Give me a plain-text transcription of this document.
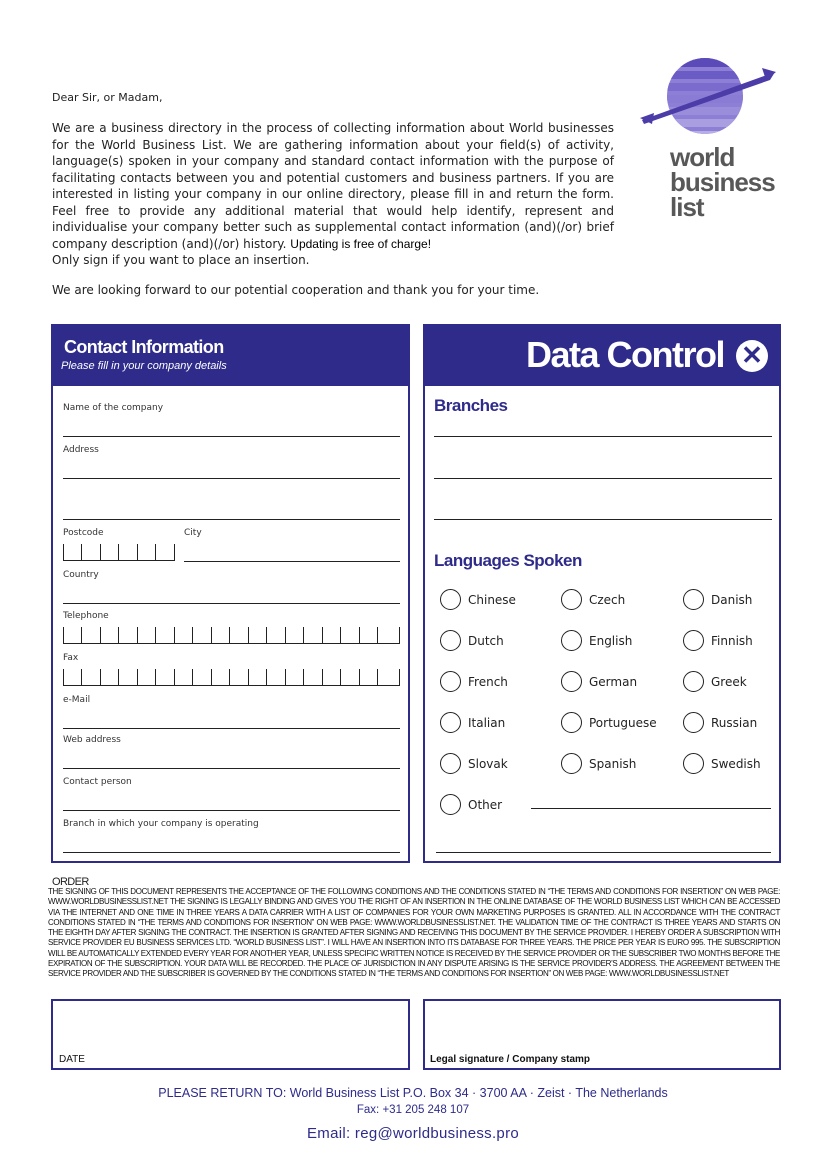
Dear Sir, or Madam,
We are a business directory in the process of collecting information about World businesses for the World Business List. We are gathering information about your field(s) of activity, language(s) spoken in your company and standard contact information with the purpose of facilitating contacts between you and potential customers and business partners. If you are interested in listing your company in our online directory, please fill in and return the form. Feel free to provide any additional material that would help identify, represent and individualise your company better such as supplemental contact information (and)(/or) brief company description (and)(/or) history. Updating is free of charge!
Only sign if you want to place an insertion.
We are looking forward to our potential cooperation and thank you for your time.
world
business
list
Contact Information
Please fill in your company details
Name of the company
Address
Postcode	City
Country
Telephone
Fax
e-Mail
Web address
Contact person
Branch in which your company is operating
Data Control ✕
Branches
Languages Spoken
Chinese	Czech	Danish
Dutch	English	Finnish
French	German	Greek
Italian	Portuguese	Russian
Slovak	Spanish	Swedish
Other
ORDER
THE SIGNING OF THIS DOCUMENT REPRESENTS THE ACCEPTANCE OF THE FOLLOWING CONDITIONS AND THE CONDITIONS STATED IN “THE TERMS AND CONDITIONS FOR INSERTION” ON WEB PAGE: WWW.WORLDBUSINESSLIST.NET THE SIGNING IS LEGALLY BINDING AND GIVES YOU THE RIGHT OF AN INSERTION IN THE ONLINE DATABASE OF THE WORLD BUSINESS LIST WHICH CAN BE ACCESSED VIA THE INTERNET AND ONE TIME IN THREE YEARS A DATA CARRIER WITH A LIST OF COMPANIES FOR YOUR OWN MARKETING PURPOSES IS GRANTED. ALL IN ACCORDANCE WITH THE CONTRACT CONDITIONS STATED IN “THE TERMS AND CONDITIONS FOR INSERTION” ON WEB PAGE: WWW.WORLDBUSINESSLIST.NET. THE VALIDATION TIME OF THE CONTRACT IS THREE YEARS AND STARTS ON THE EIGHTH DAY AFTER SIGNING THE CONTRACT. THE INSERTION IS GRANTED AFTER SIGNING AND RECEIVING THIS DOCUMENT BY THE SERVICE PROVIDER. I HEREBY ORDER A SUBSCRIPTION WITH SERVICE PROVIDER EU BUSINESS SERVICES LTD. “WORLD BUSINESS LIST”. I WILL HAVE AN INSERTION INTO ITS DATABASE FOR THREE YEARS. THE PRICE PER YEAR IS EURO 995. THE SUBSCRIPTION WILL BE AUTOMATICALLY EXTENDED EVERY YEAR FOR ANOTHER YEAR, UNLESS SPECIFIC WRITTEN NOTICE IS RECEIVED BY THE SERVICE PROVIDER OR THE SUBSCRIBER TWO MONTHS BEFORE THE EXPIRATION OF THE SUBSCRIPTION. YOUR DATA WILL BE RECORDED. THE PLACE OF JURISDICTION IN ANY DISPUTE ARISING IS THE SERVICE PROVIDER’S ADDRESS. THE AGREEMENT BETWEEN THE SERVICE PROVIDER AND THE SUBSCRIBER IS GOVERNED BY THE CONDITIONS STATED IN “THE TERMS AND CONDITIONS FOR INSERTION” ON WEB PAGE: WWW.WORLDBUSINESSLIST.NET
DATE	Legal signature / Company stamp
PLEASE RETURN TO: World Business List P.O. Box 34 · 3700 AA · Zeist · The Netherlands
Fax: +31 205 248 107
Email: reg@worldbusiness.pro
